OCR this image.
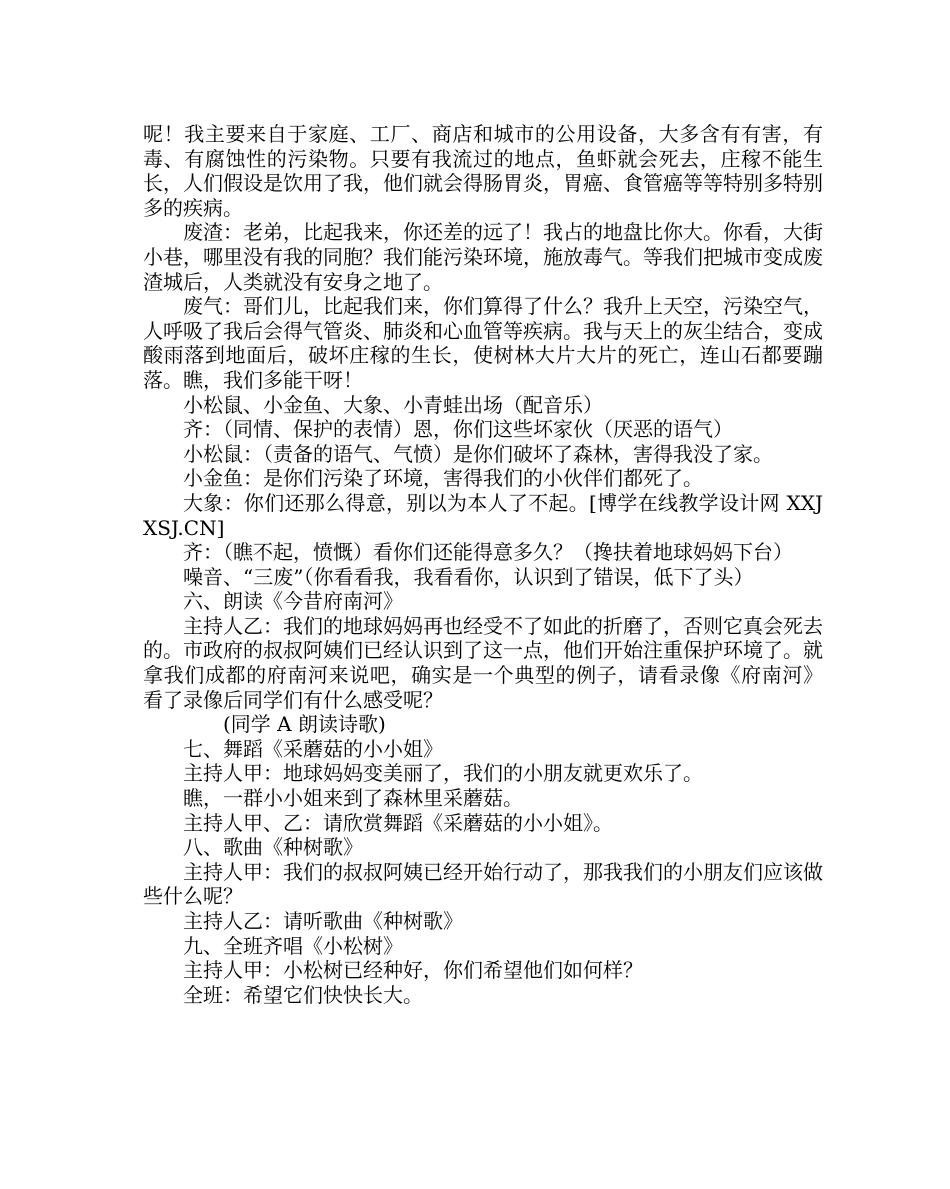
呢！我主要来自于家庭、工厂、商店和城市的公用设备，大多含有有害，有毒、有腐蚀性的污染物。只要有我流过的地点，鱼虾就会死去，庄稼不能生长，人们假设是饮用了我，他们就会得肠胃炎，胃癌、食管癌等等特别多特别多的疾病。

废渣：老弟，比起我来，你还差的远了！我占的地盘比你大。你看，大街小巷，哪里没有我的同胞？我们能污染环境，施放毒气。等我们把城市变成废渣城后，人类就没有安身之地了。

废气：哥们儿，比起我们来，你们算得了什么？我升上天空，污染空气，人呼吸了我后会得气管炎、肺炎和心血管等疾病。我与天上的灰尘结合，变成酸雨落到地面后，破坏庄稼的生长，使树林大片大片的死亡，连山石都要蹦落。瞧，我们多能干呀！

小松鼠、小金鱼、大象、小青蛙出场（配音乐）

齐：（同情、保护的表情）恩，你们这些坏家伙（厌恶的语气）

小松鼠：（责备的语气、气愤）是你们破坏了森林，害得我没了家。

小金鱼：是你们污染了环境，害得我们的小伙伴们都死了。

大象：你们还那么得意，别以为本人了不起。[博学在线教学设计网 XXJXSJ.CN]

齐：（瞧不起，愤慨）看你们还能得意多久？（搀扶着地球妈妈下台）

噪音、“三废”（你看看我，我看看你，认识到了错误，低下了头）

六、朗读《今昔府南河》

主持人乙：我们的地球妈妈再也经受不了如此的折磨了，否则它真会死去的。市政府的叔叔阿姨们已经认识到了这一点，他们开始注重保护环境了。就拿我们成都的府南河来说吧，确实是一个典型的例子，请看录像《府南河》 看了录像后同学们有什么感受呢？

(同学 A 朗读诗歌)

七、舞蹈《采蘑菇的小小姐》

主持人甲：地球妈妈变美丽了，我们的小朋友就更欢乐了。

瞧，一群小小姐来到了森林里采蘑菇。

主持人甲、乙：请欣赏舞蹈《采蘑菇的小小姐》。

八、歌曲《种树歌》

主持人甲：我们的叔叔阿姨已经开始行动了，那我我们的小朋友们应该做些什么呢？

主持人乙：请听歌曲《种树歌》

九、全班齐唱《小松树》

主持人甲：小松树已经种好，你们希望他们如何样？

全班：希望它们快快长大。
